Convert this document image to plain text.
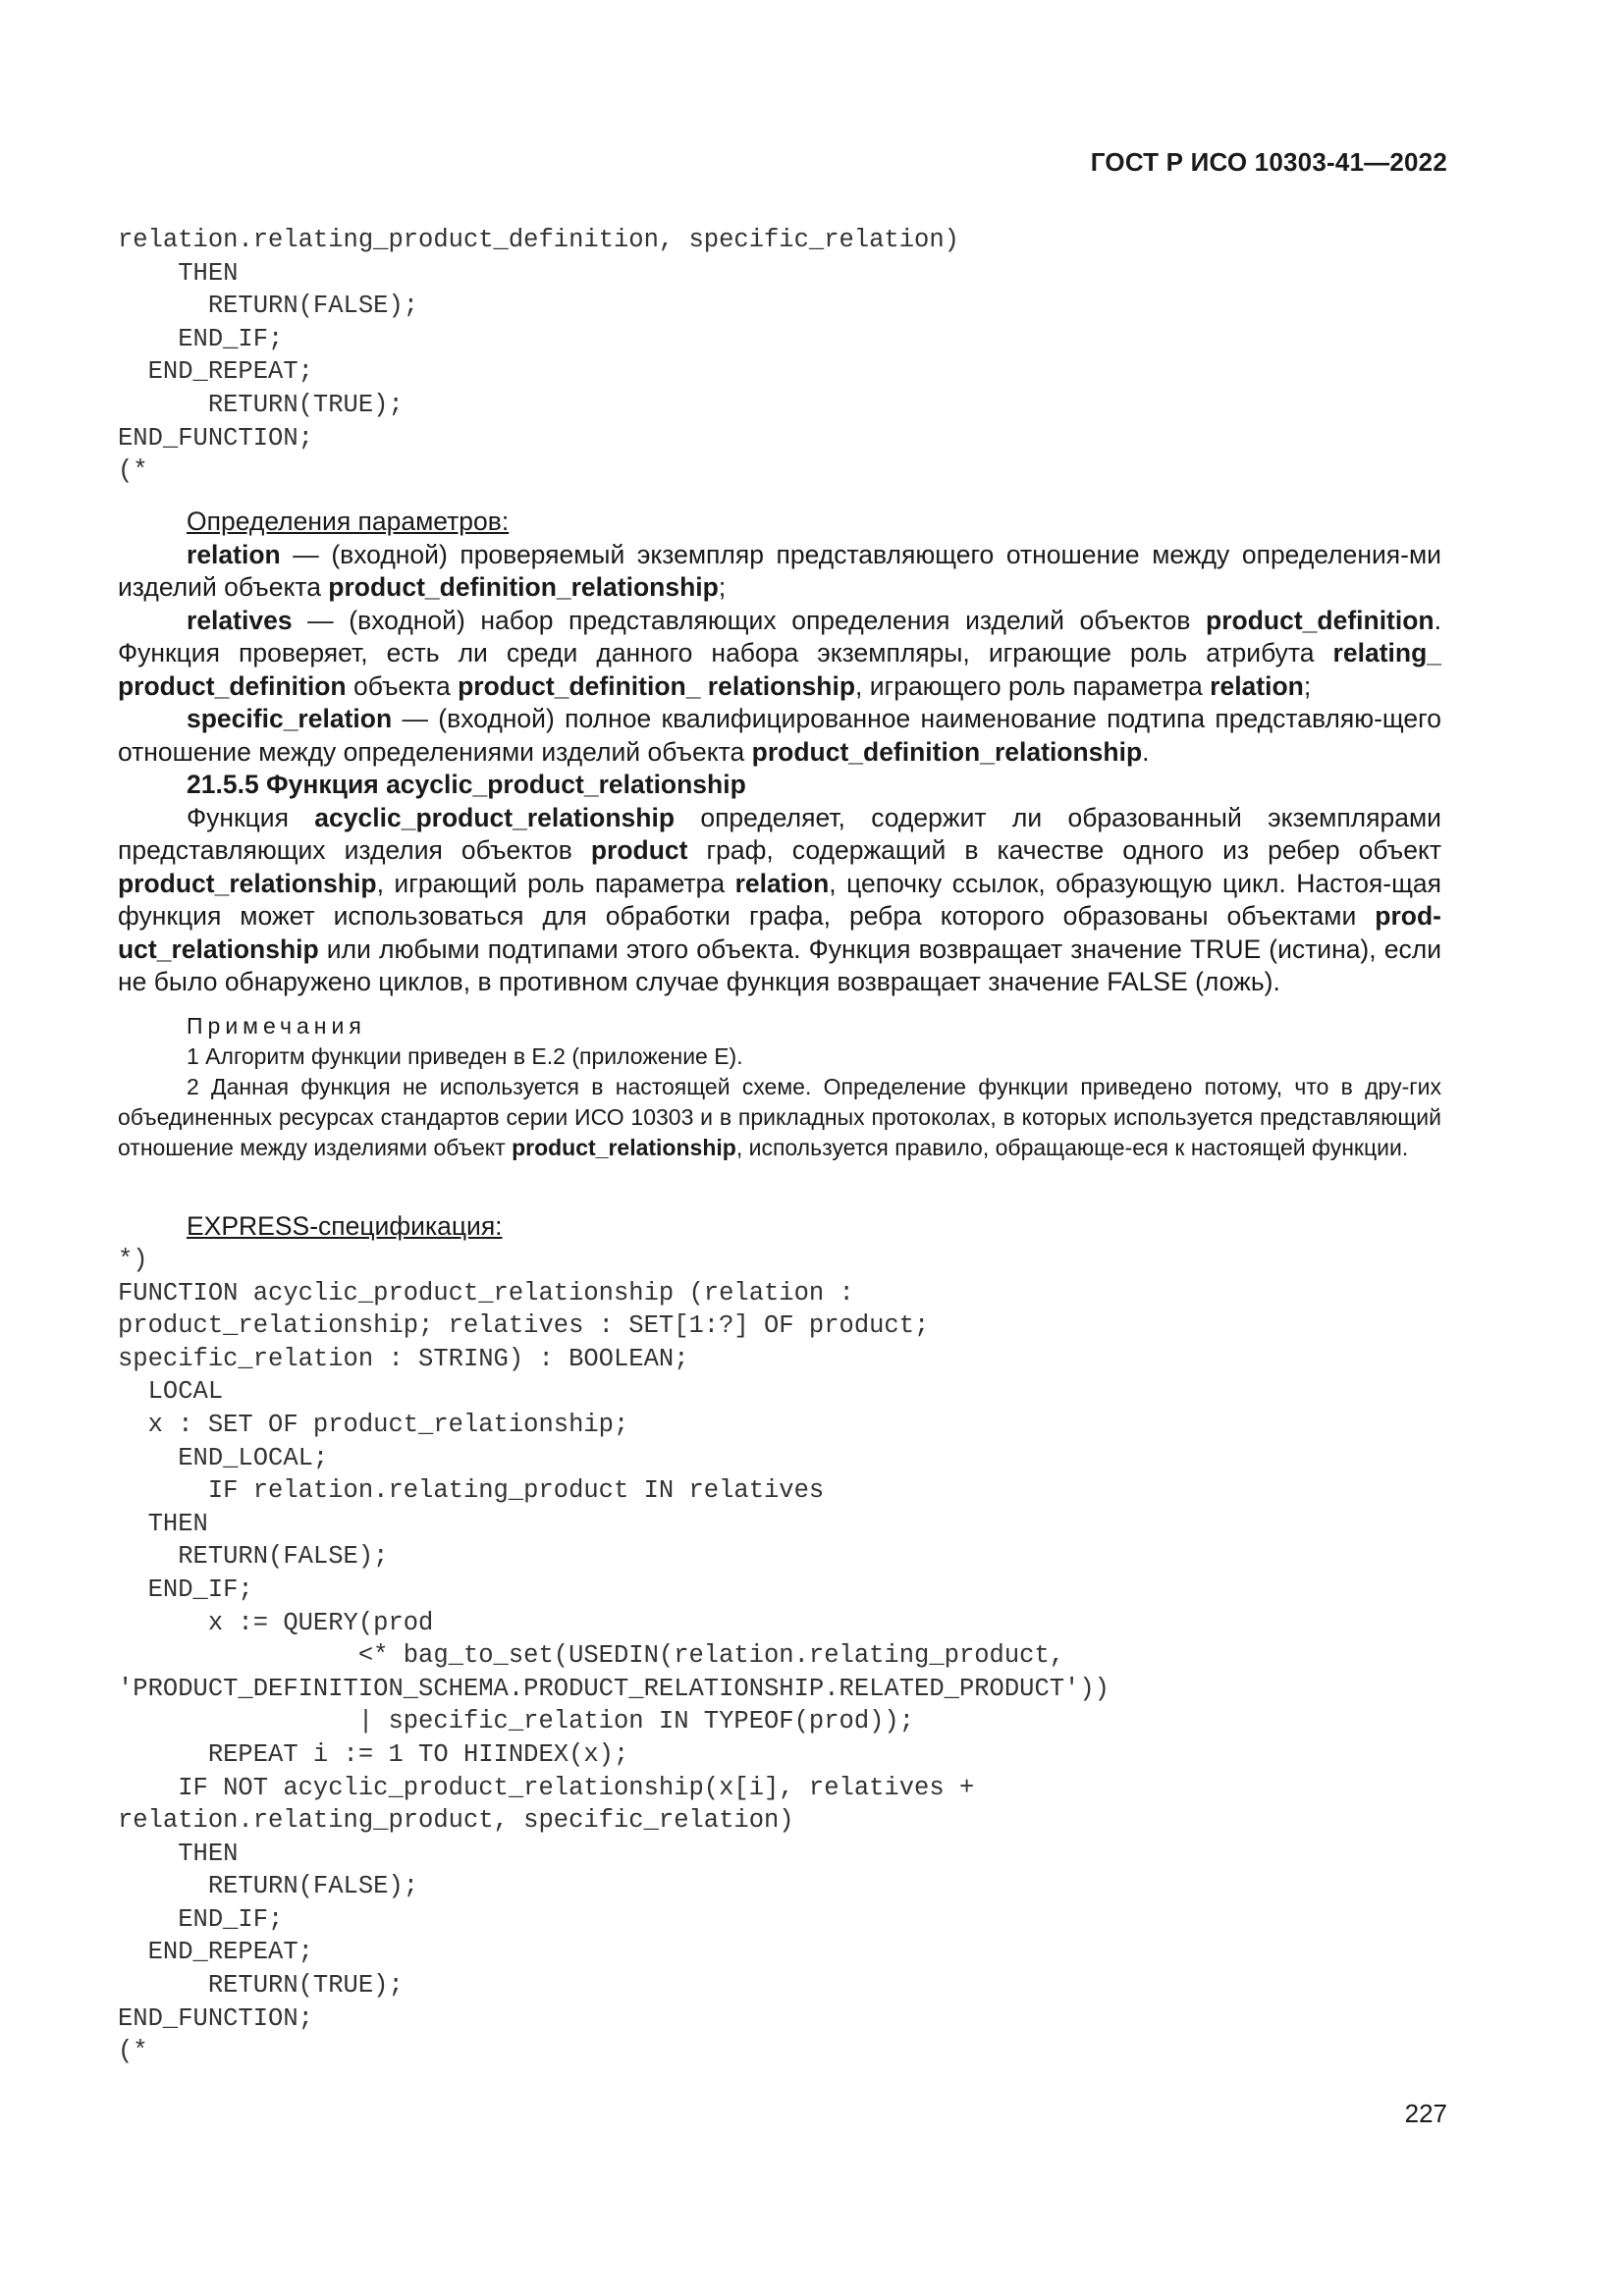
ГОСТ Р ИСО 10303-41—2022
relation.relating_product_definition, specific_relation)
THEN
RETURN(FALSE);
END_IF;
END_REPEAT;
RETURN(TRUE);
END_FUNCTION;
(*

Определения параметров:

relation — (входной) проверяемый экземпляр представляющего отношение между определения-ми изделий объекта product_definition_relationship;

relatives — (входной) набор представляющих определения изделий объектов product_definition. Функция проверяет, есть ли среди данного набора экземпляры, играющие роль атрибута relating_ product_definition объекта product_definition_ relationship, играющего роль параметра relation;

specific_relation — (входной) полное квалифицированное наименование подтипа представляю-щего отношение между определениями изделий объекта product_definition_relationship.

21.5.5 Функция acyclic_product_relationship

Функция acyclic_product_relationship определяет, содержит ли образованный экземплярами представляющих изделия объектов product граф, содержащий в качестве одного из ребер объект product_relationship, играющий роль параметра relation, цепочку ссылок, образующую цикл. Настоя-щая функция может использоваться для обработки графа, ребра которого образованы объектами prod-uct_relationship или любыми подтипами этого объекта. Функция возвращает значение TRUE (истина), если не было обнаружено циклов, в противном случае функция возвращает значение FALSE (ложь).

Примечания

1 Алгоритм функции приведен в Е.2 (приложение Е).

2 Данная функция не используется в настоящей схеме. Определение функции приведено потому, что в дру-гих объединенных ресурсах стандартов серии ИСО 10303 и в прикладных протоколах, в которых используется представляющий отношение между изделиями объект product_relationship, используется правило, обращающе-еся к настоящей функции.

EXPRESS-спецификация:

*)
FUNCTION acyclic_product_relationship (relation :
product_relationship; relatives : SET[1:?] OF product;
specific_relation : STRING) : BOOLEAN;
LOCAL
x : SET OF product_relationship;
END_LOCAL;
IF relation.relating_product IN relatives
THEN
RETURN(FALSE);
END_IF;
x := QUERY(prod
<* bag_to_set(USEDIN(relation.relating_product,
'PRODUCT_DEFINITION_SCHEMA.PRODUCT_RELATIONSHIP.RELATED_PRODUCT'))
| specific_relation IN TYPEOF(prod));
REPEAT i := 1 TO HIINDEX(x);
IF NOT acyclic_product_relationship(x[i], relatives +
relation.relating_product, specific_relation)
THEN
RETURN(FALSE);
END_IF;
END_REPEAT;
RETURN(TRUE);
END_FUNCTION;
(*
227
